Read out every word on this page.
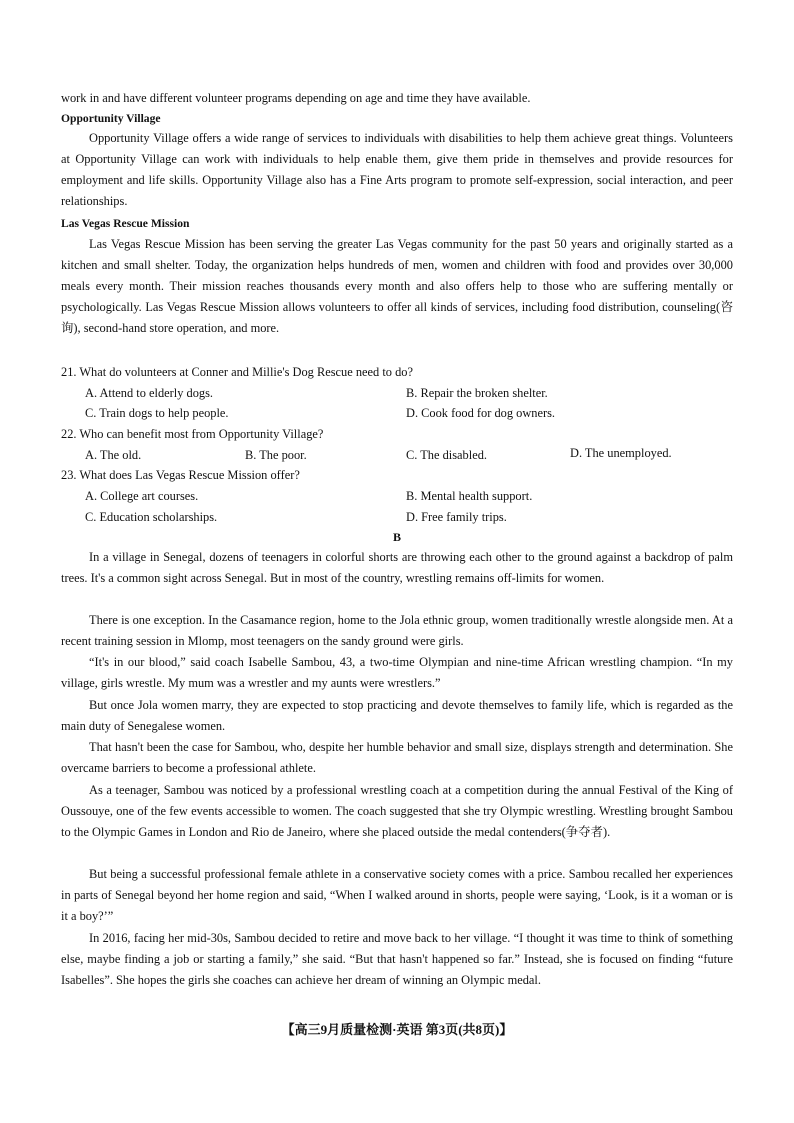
work in and have different volunteer programs depending on age and time they have available.

Opportunity Village

Opportunity Village offers a wide range of services to individuals with disabilities to help them achieve great things. Volunteers at Opportunity Village can work with individuals to help enable them, give them pride in themselves and provide resources for employment and life skills. Opportunity Village also has a Fine Arts program to promote self-expression, social interaction, and peer relationships.

Las Vegas Rescue Mission

Las Vegas Rescue Mission has been serving the greater Las Vegas community for the past 50 years and originally started as a kitchen and small shelter. Today, the organization helps hundreds of men, women and children with food and provides over 30,000 meals every month. Their mission reaches thousands every month and also offers help to those who are suffering mentally or psychologically. Las Vegas Rescue Mission allows volunteers to offer all kinds of services, including food distribution, counseling(咨询), second-hand store operation, and more.

21. What do volunteers at Conner and Millie's Dog Rescue need to do?

A. Attend to elderly dogs.	B. Repair the broken shelter.

C. Train dogs to help people.	D. Cook food for dog owners.

22. Who can benefit most from Opportunity Village?

A. The old.	B. The poor.	C. The disabled.	D. The unemployed.

23. What does Las Vegas Rescue Mission offer?

A. College art courses.	B. Mental health support.

C. Education scholarships.	D. Free family trips.

B

In a village in Senegal, dozens of teenagers in colorful shorts are throwing each other to the ground against a backdrop of palm trees. It's a common sight across Senegal. But in most of the country, wrestling remains off-limits for women.

There is one exception. In the Casamance region, home to the Jola ethnic group, women traditionally wrestle alongside men. At a recent training session in Mlomp, most teenagers on the sandy ground were girls.

“It's in our blood,” said coach Isabelle Sambou, 43, a two-time Olympian and nine-time African wrestling champion. “In my village, girls wrestle. My mum was a wrestler and my aunts were wrestlers.”

But once Jola women marry, they are expected to stop practicing and devote themselves to family life, which is regarded as the main duty of Senegalese women.

That hasn't been the case for Sambou, who, despite her humble behavior and small size, displays strength and determination. She overcame barriers to become a professional athlete.

As a teenager, Sambou was noticed by a professional wrestling coach at a competition during the annual Festival of the King of Oussouye, one of the few events accessible to women. The coach suggested that she try Olympic wrestling. Wrestling brought Sambou to the Olympic Games in London and Rio de Janeiro, where she placed outside the medal contenders(争夺者).

But being a successful professional female athlete in a conservative society comes with a price. Sambou recalled her experiences in parts of Senegal beyond her home region and said, “When I walked around in shorts, people were saying, ‘Look, is it a woman or is it a boy?’”

In 2016, facing her mid-30s, Sambou decided to retire and move back to her village. “I thought it was time to think of something else, maybe finding a job or starting a family,” she said. “But that hasn't happened so far.” Instead, she is focused on finding “future Isabelles”. She hopes the girls she coaches can achieve her dream of winning an Olympic medal.

【高三9月质量检测·英语 第3页(共8页)】
